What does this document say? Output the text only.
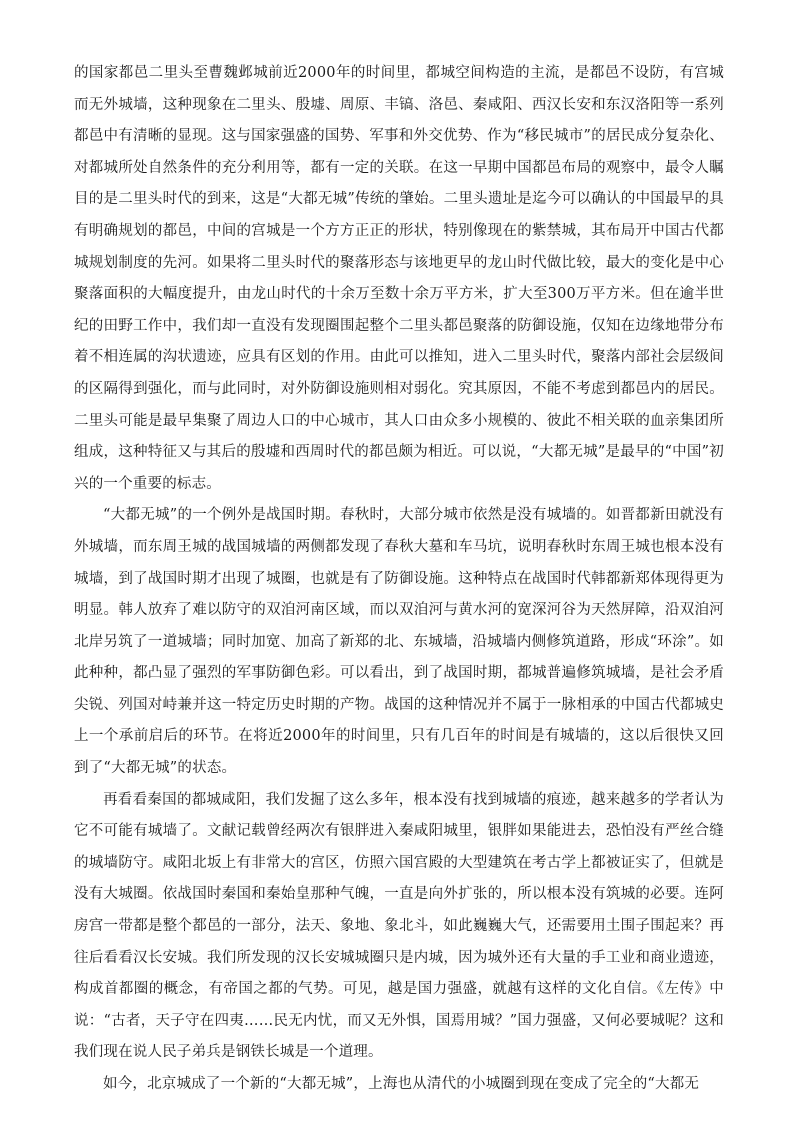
的国家都邑二里头至曹魏邺城前近2000年的时间里，都城空间构造的主流，是都邑不设防，有宫城而无外城墙，这种现象在二里头、殷墟、周原、丰镐、洛邑、秦咸阳、西汉长安和东汉洛阳等一系列都邑中有清晰的显现。这与国家强盛的国势、军事和外交优势、作为“移民城市”的居民成分复杂化、对都城所处自然条件的充分利用等，都有一定的关联。在这一早期中国都邑布局的观察中，最令人瞩目的是二里头时代的到来，这是“大都无城”传统的肇始。二里头遗址是迄今可以确认的中国最早的具有明确规划的都邑，中间的宫城是一个方方正正的形状，特别像现在的紫禁城，其布局开中国古代都城规划制度的先河。如果将二里头时代的聚落形态与该地更早的龙山时代做比较，最大的变化是中心聚落面积的大幅度提升，由龙山时代的十余万至数十余万平方米，扩大至300万平方米。但在逾半世纪的田野工作中，我们却一直没有发现圈围起整个二里头都邑聚落的防御设施，仅知在边缘地带分布着不相连属的沟状遗迹，应具有区划的作用。由此可以推知，进入二里头时代，聚落内部社会层级间的区隔得到强化，而与此同时，对外防御设施则相对弱化。究其原因，不能不考虑到都邑内的居民。二里头可能是最早集聚了周边人口的中心城市，其人口由众多小规模的、彼此不相关联的血亲集团所组成，这种特征又与其后的殷墟和西周时代的都邑颇为相近。可以说，“大都无城”是最早的“中国”初兴的一个重要的标志。

“大都无城”的一个例外是战国时期。春秋时，大部分城市依然是没有城墙的。如晋都新田就没有外城墙，而东周王城的战国城墙的两侧都发现了春秋大墓和车马坑，说明春秋时东周王城也根本没有城墙，到了战国时期才出现了城圈，也就是有了防御设施。这种特点在战国时代韩都新郑体现得更为明显。韩人放弃了难以防守的双洎河南区域，而以双洎河与黄水河的宽深河谷为天然屏障，沿双洎河北岸另筑了一道城墙；同时加宽、加高了新郑的北、东城墙，沿城墙内侧修筑道路，形成“环涂”。如此种种，都凸显了强烈的军事防御色彩。可以看出，到了战国时期，都城普遍修筑城墙，是社会矛盾尖锐、列国对峙兼并这一特定历史时期的产物。战国的这种情况并不属于一脉相承的中国古代都城史上一个承前启后的环节。在将近2000年的时间里，只有几百年的时间是有城墙的，这以后很快又回到了“大都无城”的状态。

再看看秦国的都城咸阳，我们发掘了这么多年，根本没有找到城墙的痕迹，越来越多的学者认为它不可能有城墙了。文献记载曾经两次有银胖进入秦咸阳城里，银胖如果能进去，恐怕没有严丝合缝的城墙防守。咸阳北坂上有非常大的宫区，仿照六国宫殿的大型建筑在考古学上都被证实了，但就是没有大城圈。依战国时秦国和秦始皇那种气魄，一直是向外扩张的，所以根本没有筑城的必要。连阿房宫一带都是整个都邑的一部分，法天、象地、象北斗，如此巍巍大气，还需要用土围子围起来？再往后看看汉长安城。我们所发现的汉长安城城圈只是内城，因为城外还有大量的手工业和商业遗迹，构成首都圈的概念，有帝国之都的气势。可见，越是国力强盛，就越有这样的文化自信。《左传》中说：“古者，天子守在四夷……民无内忧，而又无外惧，国焉用城？”国力强盛，又何必要城呢？这和我们现在说人民子弟兵是钢铁长城是一个道理。

如今，北京城成了一个新的“大都无城”，上海也从清代的小城圈到现在变成了完全的“大都无
